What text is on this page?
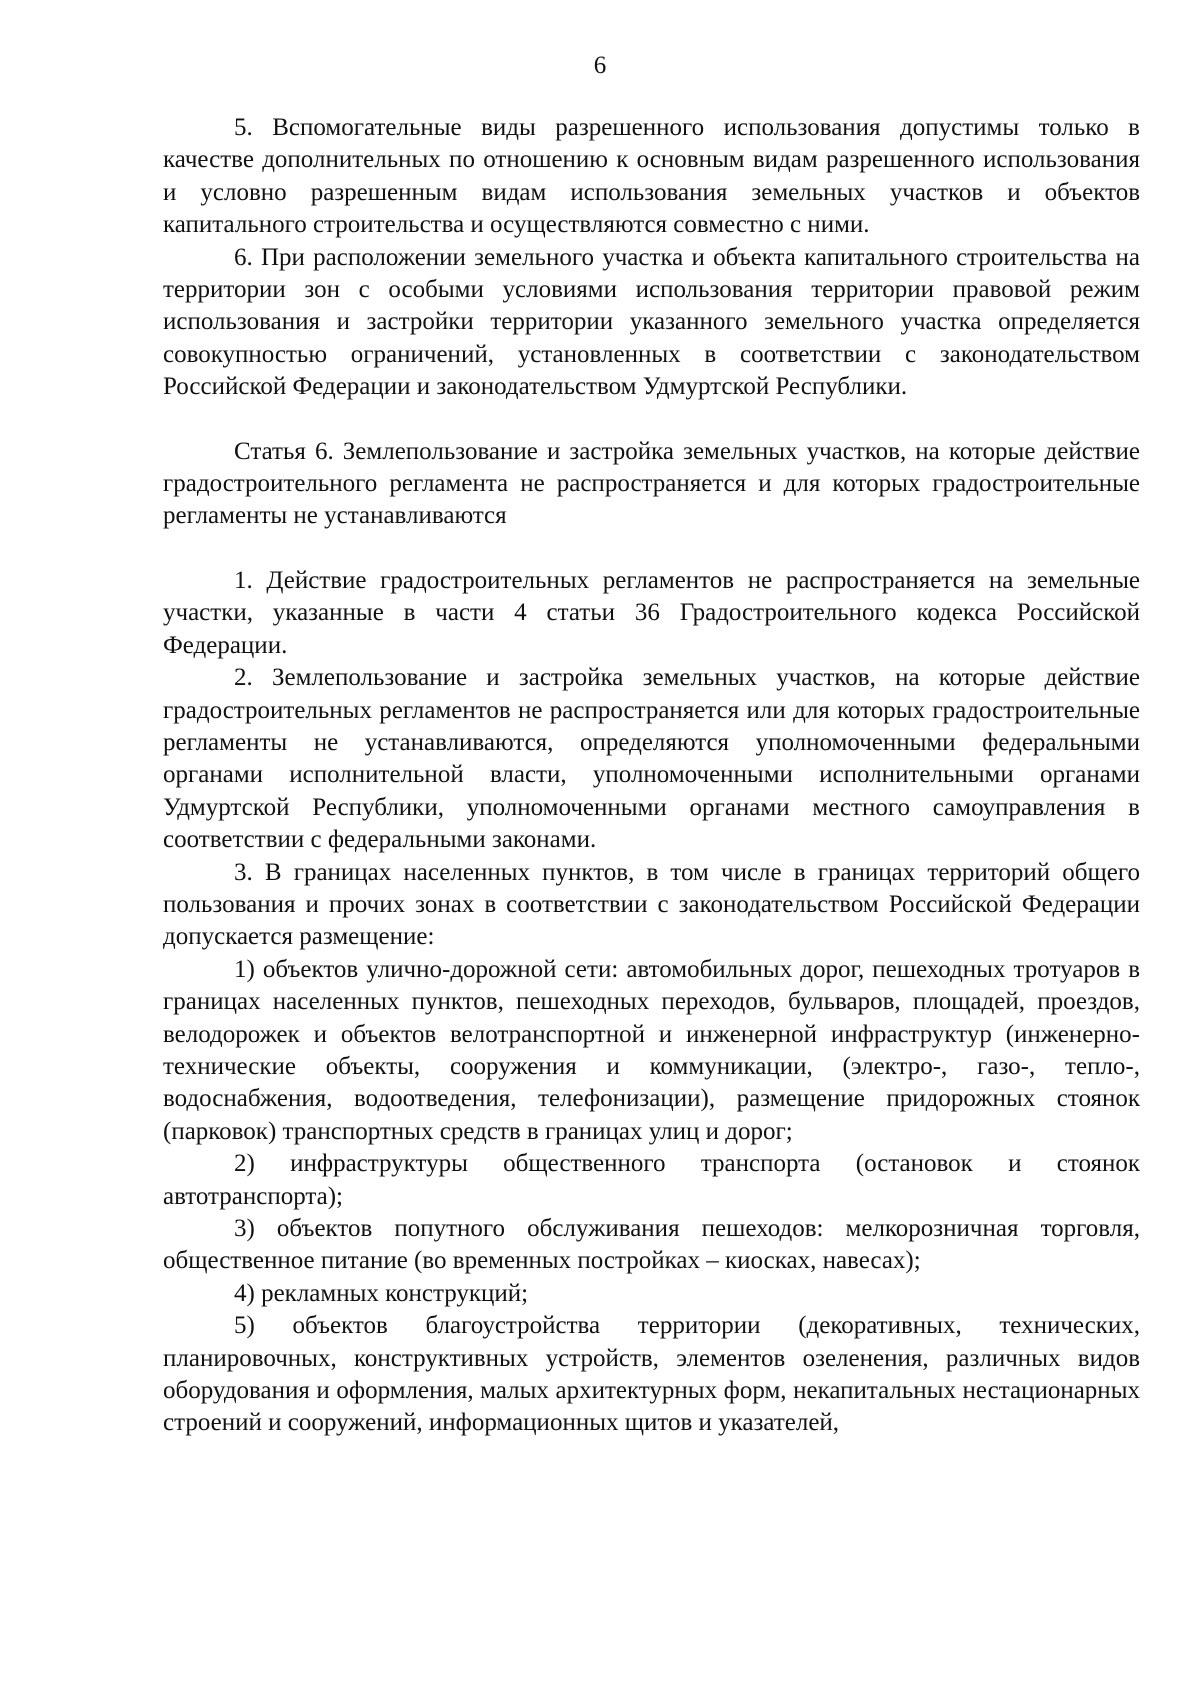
6

5. Вспомогательные виды разрешенного использования допустимы только в качестве дополнительных по отношению к основным видам разрешенного использования и условно разрешенным видам использования земельных участков и объектов капитального строительства и осуществляются совместно с ними.

6. При расположении земельного участка и объекта капитального строительства на территории зон с особыми условиями использования территории правовой режим использования и застройки территории указанного земельного участка определяется совокупностью ограничений, установленных в соответствии с законодательством Российской Федерации и законодательством Удмуртской Республики.

Статья 6. Землепользование и застройка земельных участков, на которые действие градостроительного регламента не распространяется и для которых градостроительные регламенты не устанавливаются

1. Действие градостроительных регламентов не распространяется на земельные участки, указанные в части 4 статьи 36 Градостроительного кодекса Российской Федерации.

2. Землепользование и застройка земельных участков, на которые действие градостроительных регламентов не распространяется или для которых градостроительные регламенты не устанавливаются, определяются уполномоченными федеральными органами исполнительной власти, уполномоченными исполнительными органами Удмуртской Республики, уполномоченными органами местного самоуправления в соответствии с федеральными законами.

3. В границах населенных пунктов, в том числе в границах территорий общего пользования и прочих зонах в соответствии с законодательством Российской Федерации допускается размещение:

1) объектов улично-дорожной сети: автомобильных дорог, пешеходных тротуаров в границах населенных пунктов, пешеходных переходов, бульваров, площадей, проездов, велодорожек и объектов велотранспортной и инженерной инфраструктур (инженерно-технические объекты, сооружения и коммуникации, (электро-, газо-, тепло-, водоснабжения, водоотведения, телефонизации), размещение придорожных стоянок (парковок) транспортных средств в границах улиц и дорог;

2) инфраструктуры общественного транспорта (остановок и стоянок автотранспорта);

3) объектов попутного обслуживания пешеходов: мелкорозничная торговля, общественное питание (во временных постройках – киосках, навесах);

4) рекламных конструкций;

5) объектов благоустройства территории (декоративных, технических, планировочных, конструктивных устройств, элементов озеленения, различных видов оборудования и оформления, малых архитектурных форм, некапитальных нестационарных строений и сооружений, информационных щитов и указателей,
